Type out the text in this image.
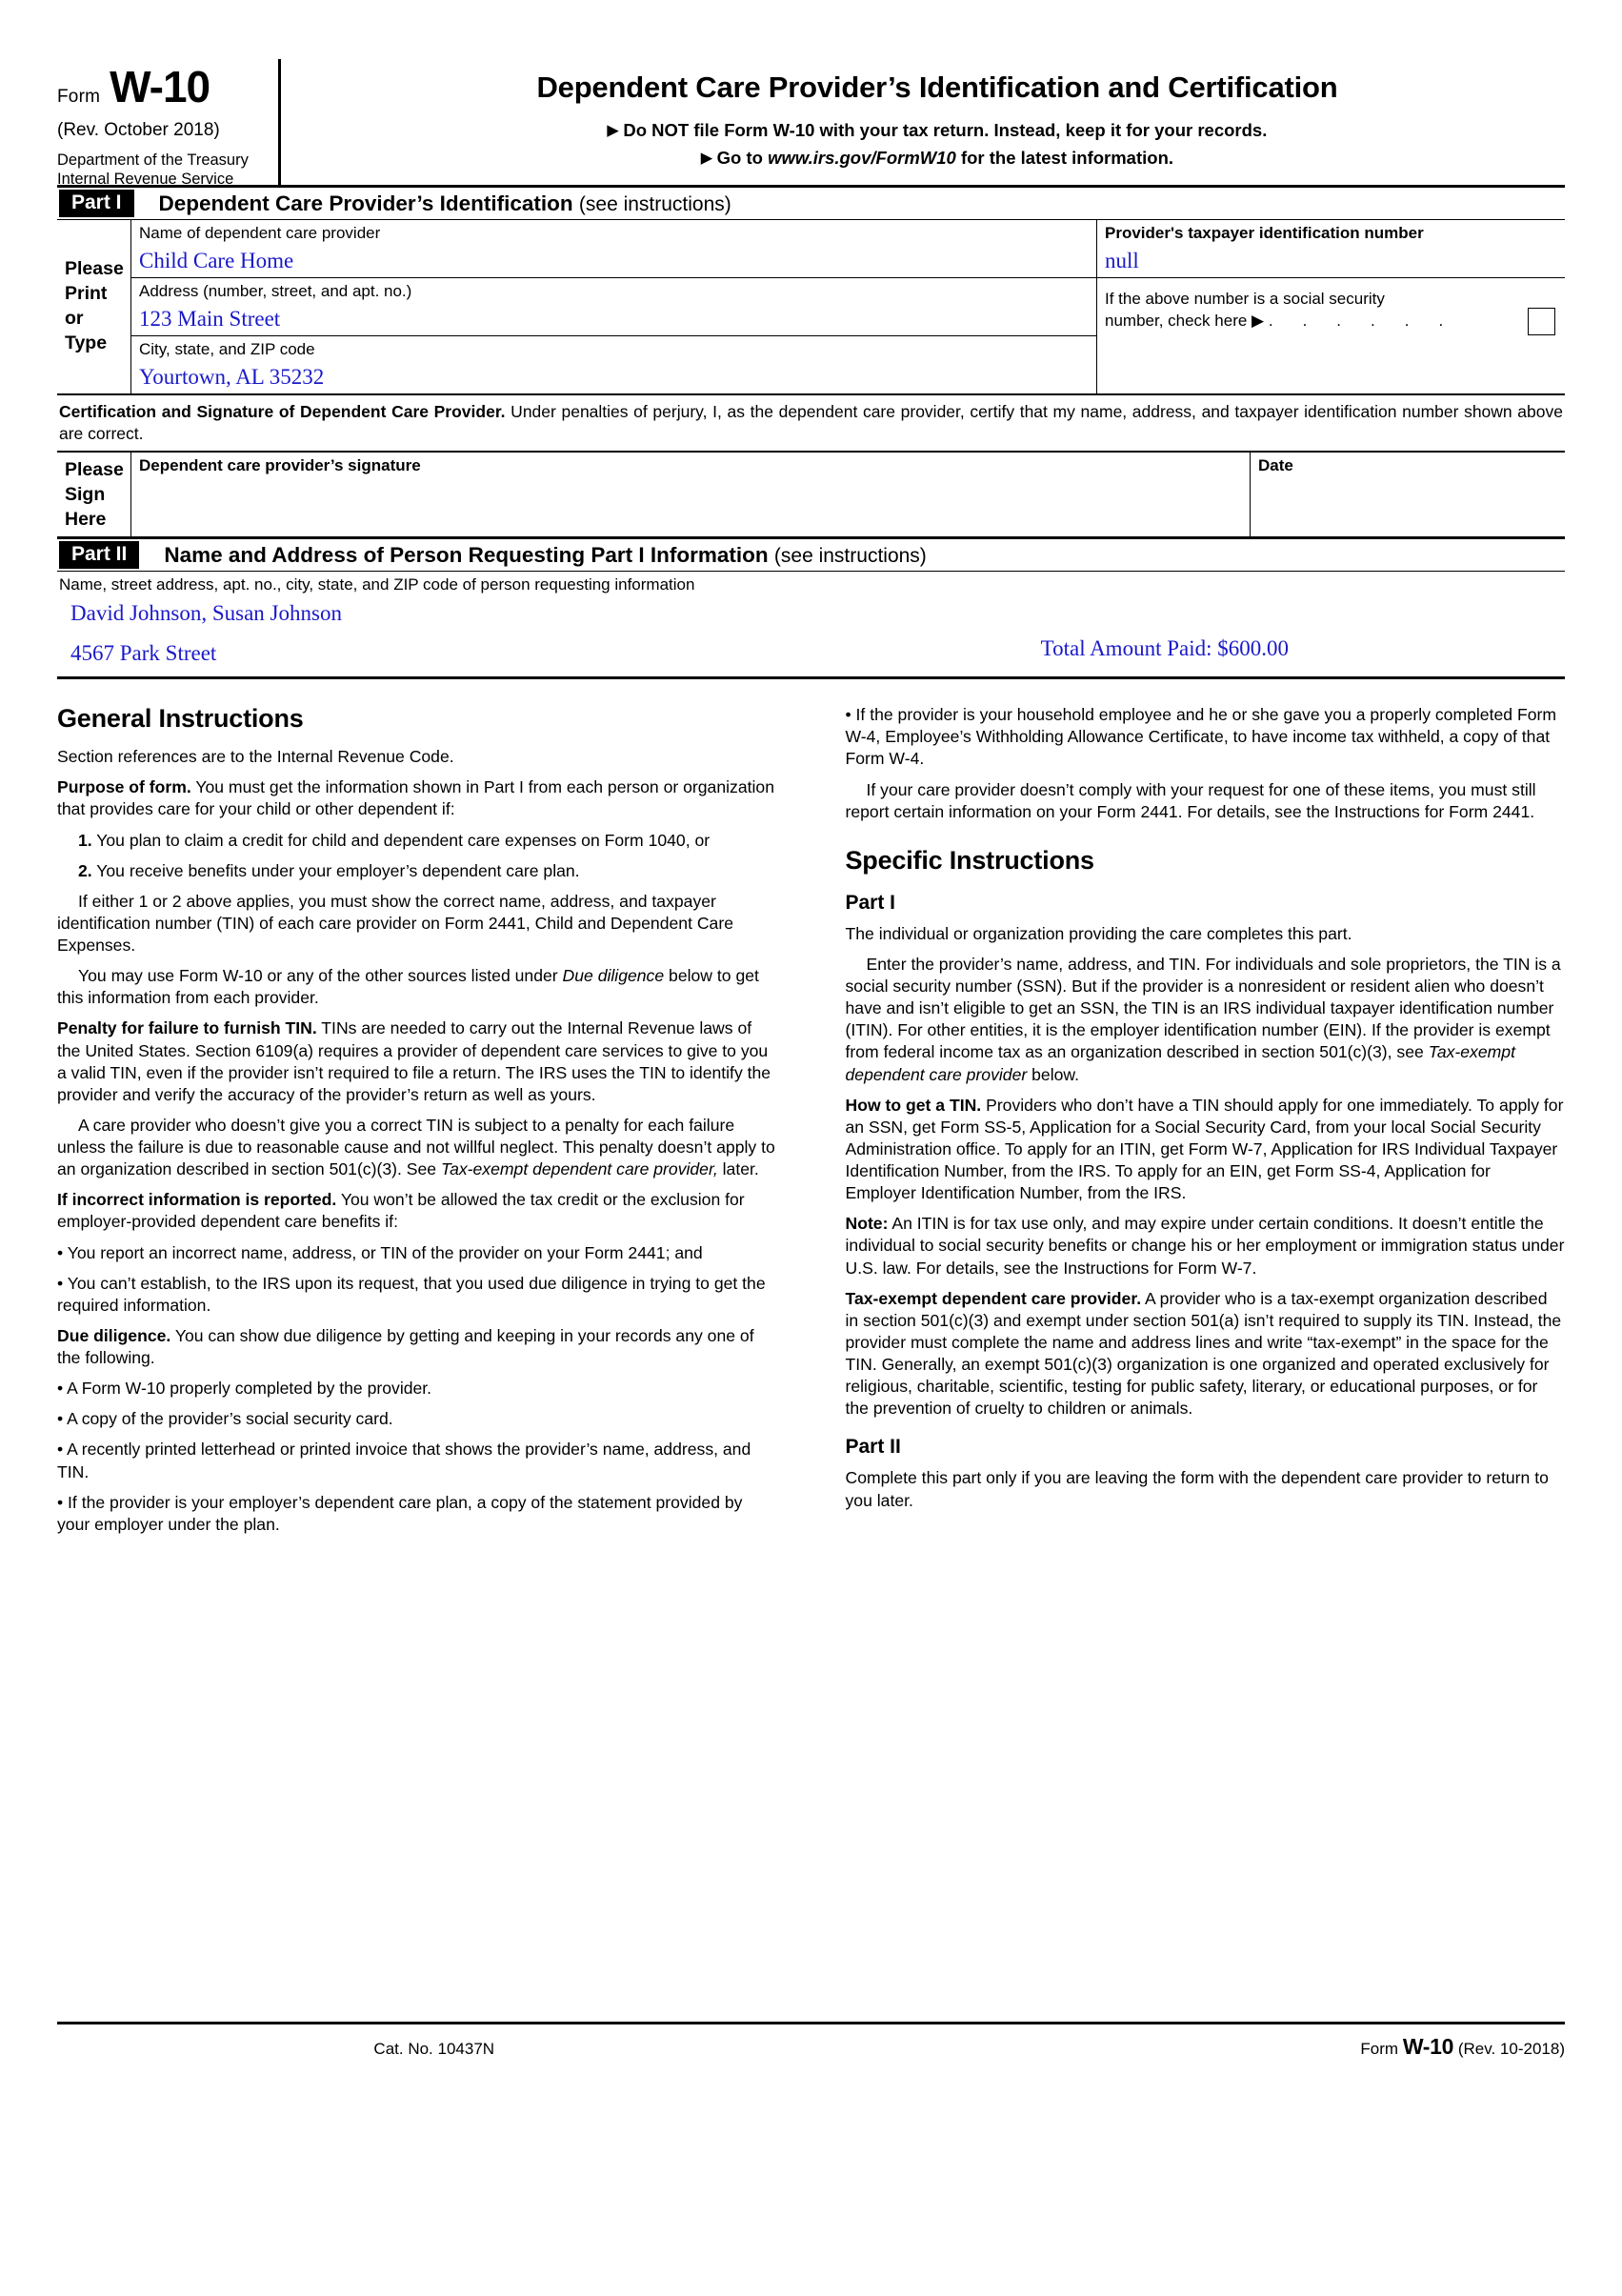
Form W-10
(Rev. October 2018)
Department of the Treasury
Internal Revenue Service
Dependent Care Provider’s Identification and Certification
▶ Do NOT file Form W-10 with your tax return. Instead, keep it for your records.
▶ Go to www.irs.gov/FormW10 for the latest information.
Part I	Dependent Care Provider’s Identification (see instructions)
Please
Print
or
Type
Name of dependent care provider
Child Care Home
Address (number, street, and apt. no.)
123 Main Street
City, state, and ZIP code
Yourtown, AL 35232
Provider's taxpayer identification number
null
If the above number is a social security
number, check here ▶ . . . . . .
Certification and Signature of Dependent Care Provider. Under penalties of perjury, I, as the dependent care provider, certify that my name, address, and taxpayer identification number shown above are correct.
Please
Sign
Here
Dependent care provider’s signature	Date
Part II	Name and Address of Person Requesting Part I Information (see instructions)
Name, street address, apt. no., city, state, and ZIP code of person requesting information
David Johnson, Susan Johnson
4567 Park Street	Total Amount Paid: $600.00
General Instructions

Section references are to the Internal Revenue Code.

Purpose of form. You must get the information shown in Part I from each person or organization that provides care for your child or other dependent if:

1. You plan to claim a credit for child and dependent care expenses on Form 1040, or

2. You receive benefits under your employer’s dependent care plan.

If either 1 or 2 above applies, you must show the correct name, address, and taxpayer identification number (TIN) of each care provider on Form 2441, Child and Dependent Care Expenses.

You may use Form W-10 or any of the other sources listed under Due diligence below to get this information from each provider.

Penalty for failure to furnish TIN. TINs are needed to carry out the Internal Revenue laws of the United States. Section 6109(a) requires a provider of dependent care services to give to you a valid TIN, even if the provider isn’t required to file a return. The IRS uses the TIN to identify the provider and verify the accuracy of the provider’s return as well as yours.

A care provider who doesn’t give you a correct TIN is subject to a penalty for each failure unless the failure is due to reasonable cause and not willful neglect. This penalty doesn’t apply to an organization described in section 501(c)(3). See Tax-exempt dependent care provider, later.

If incorrect information is reported. You won’t be allowed the tax credit or the exclusion for employer-provided dependent care benefits if:

• You report an incorrect name, address, or TIN of the provider on your Form 2441; and

• You can’t establish, to the IRS upon its request, that you used due diligence in trying to get the required information.

Due diligence. You can show due diligence by getting and keeping in your records any one of the following.

• A Form W-10 properly completed by the provider.

• A copy of the provider’s social security card.

• A recently printed letterhead or printed invoice that shows the provider’s name, address, and TIN.

• If the provider is your employer’s dependent care plan, a copy of the statement provided by your employer under the plan.

• If the provider is your household employee and he or she gave you a properly completed Form W-4, Employee’s Withholding Allowance Certificate, to have income tax withheld, a copy of that Form W-4.

If your care provider doesn’t comply with your request for one of these items, you must still report certain information on your Form 2441. For details, see the Instructions for Form 2441.

Specific Instructions
Part I

The individual or organization providing the care completes this part.

Enter the provider’s name, address, and TIN. For individuals and sole proprietors, the TIN is a social security number (SSN). But if the provider is a nonresident or resident alien who doesn’t have and isn’t eligible to get an SSN, the TIN is an IRS individual taxpayer identification number (ITIN). For other entities, it is the employer identification number (EIN). If the provider is exempt from federal income tax as an organization described in section 501(c)(3), see Tax-exempt dependent care provider below.

How to get a TIN. Providers who don’t have a TIN should apply for one immediately. To apply for an SSN, get Form SS-5, Application for a Social Security Card, from your local Social Security Administration office. To apply for an ITIN, get Form W-7, Application for IRS Individual Taxpayer Identification Number, from the IRS. To apply for an EIN, get Form SS-4, Application for Employer Identification Number, from the IRS.

Note: An ITIN is for tax use only, and may expire under certain conditions. It doesn’t entitle the individual to social security benefits or change his or her employment or immigration status under U.S. law. For details, see the Instructions for Form W-7.

Tax-exempt dependent care provider. A provider who is a tax-exempt organization described in section 501(c)(3) and exempt under section 501(a) isn’t required to supply its TIN. Instead, the provider must complete the name and address lines and write “tax-exempt” in the space for the TIN. Generally, an exempt 501(c)(3) organization is one organized and operated exclusively for religious, charitable, scientific, testing for public safety, literary, or educational purposes, or for the prevention of cruelty to children or animals.

Part II

Complete this part only if you are leaving the form with the dependent care provider to return to you later.

Cat. No. 10437N	Form W-10 (Rev. 10-2018)
